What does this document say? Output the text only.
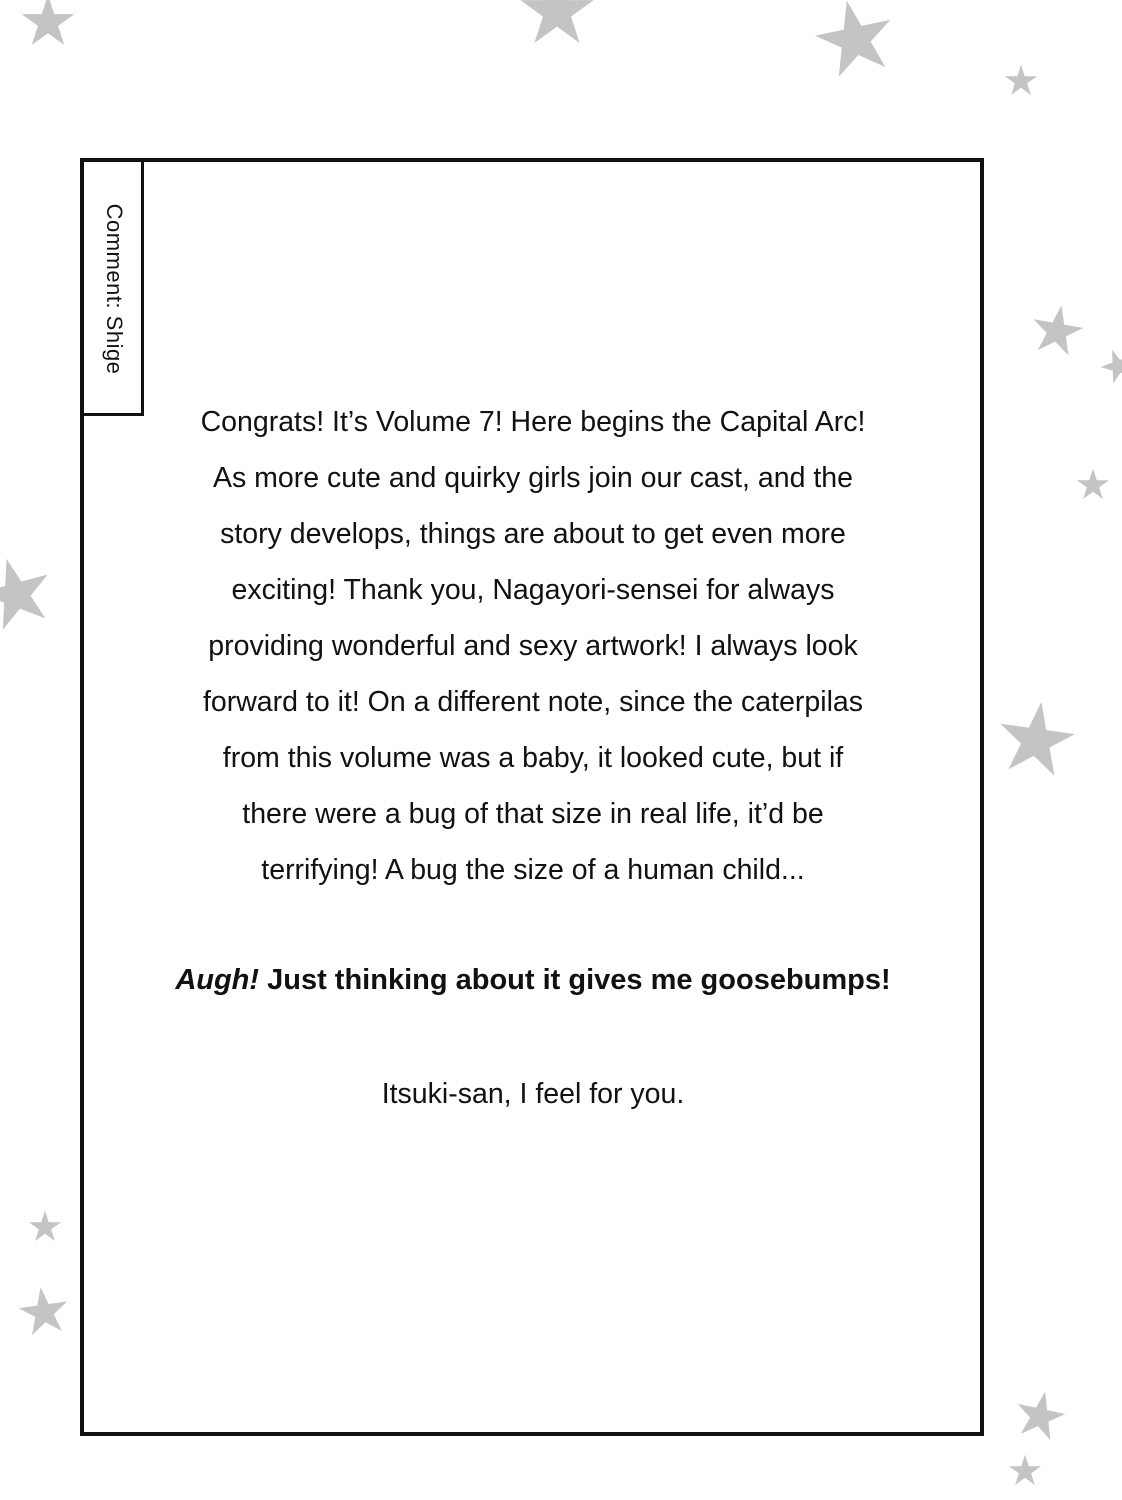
Comment: Shige

Congrats! It’s Volume 7! Here begins the Capital Arc!

As more cute and quirky girls join our cast, and the

story develops, things are about to get even more

exciting! Thank you, Nagayori-sensei for always

providing wonderful and sexy artwork! I always look

forward to it! On a different note, since the caterpilas

from this volume was a baby, it looked cute, but if

there were a bug of that size in real life, it’d be

terrifying! A bug the size of a human child...

Augh! Just thinking about it gives me goosebumps!
Itsuki-san, I feel for you.
